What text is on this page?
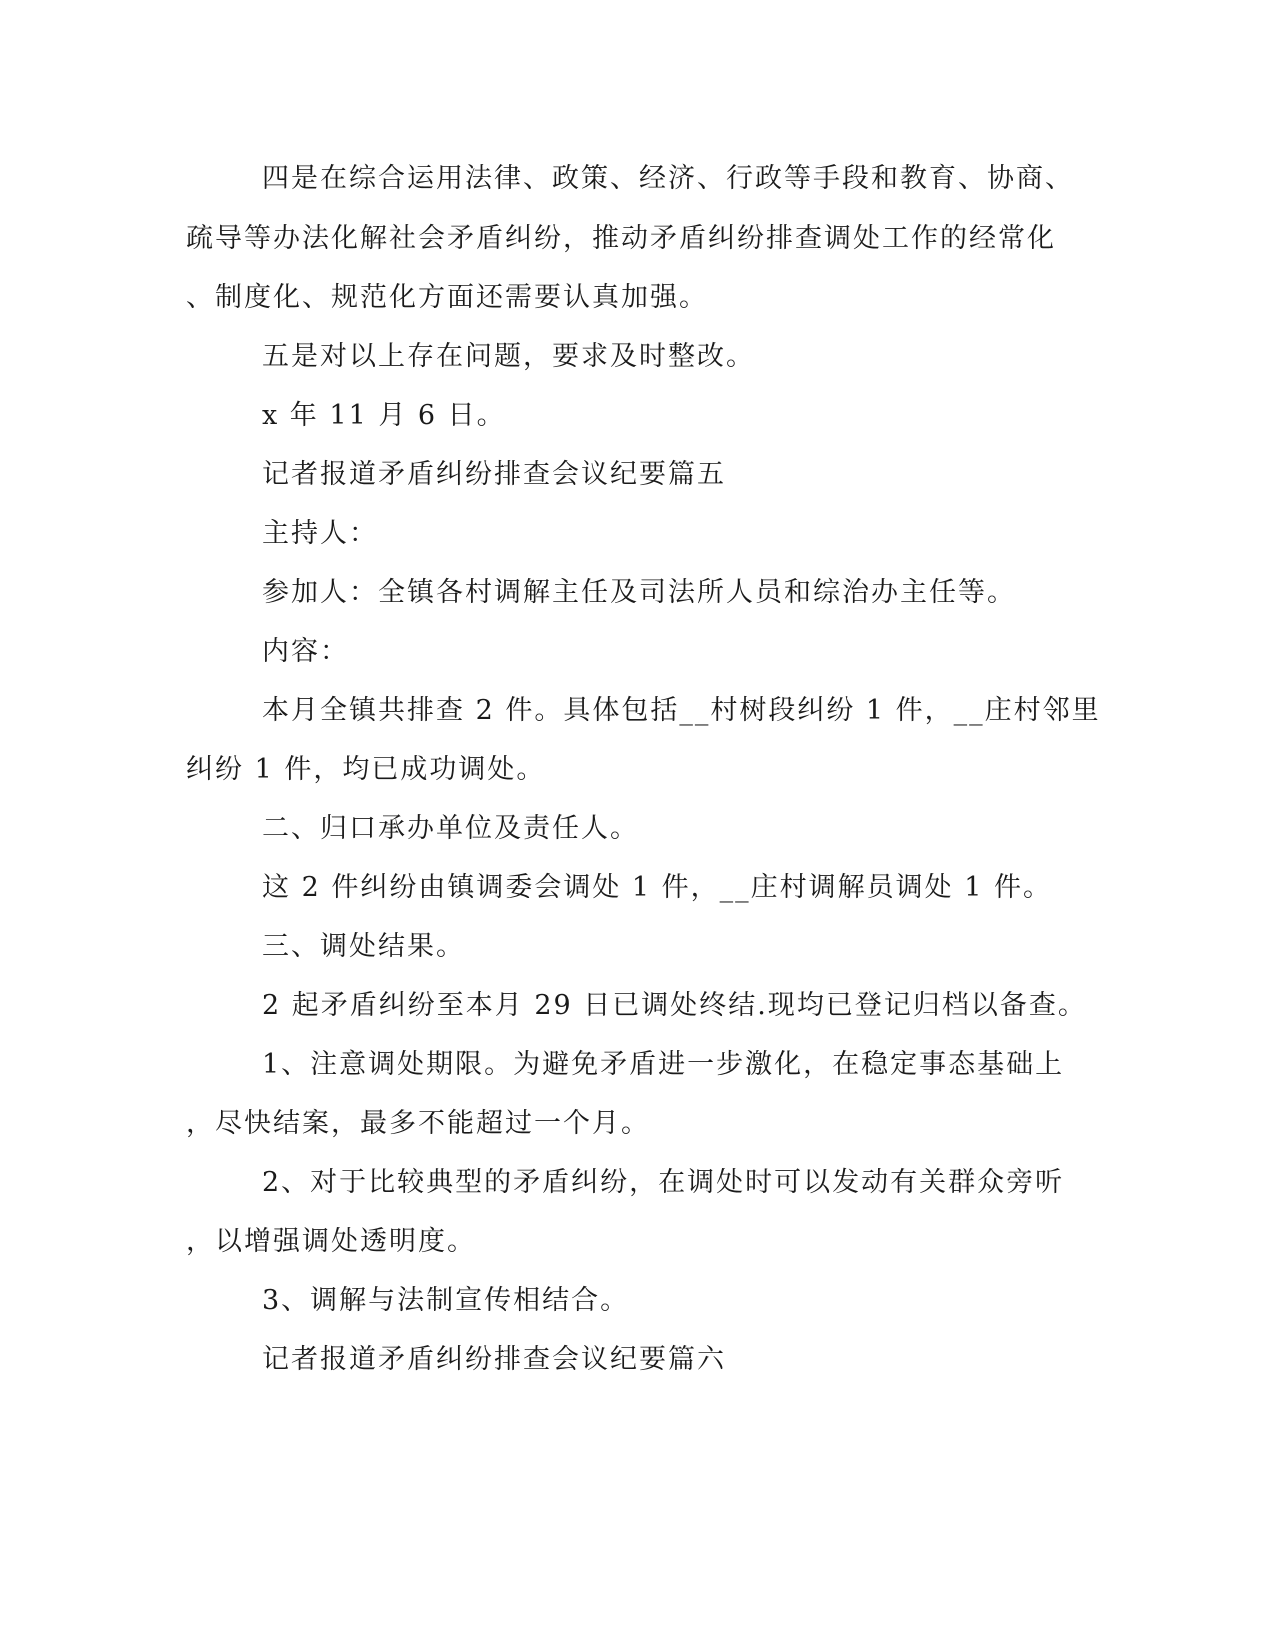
四是在综合运用法律、政策、经济、行政等手段和教育、协商、

疏导等办法化解社会矛盾纠纷，推动矛盾纠纷排查调处工作的经常化

、制度化、规范化方面还需要认真加强。

五是对以上存在问题，要求及时整改。

x 年 11 月 6 日。

记者报道矛盾纠纷排查会议纪要篇五

主持人：

参加人：全镇各村调解主任及司法所人员和综治办主任等。

内容：

本月全镇共排查 2 件。具体包括__村树段纠纷 1 件，__庄村邻里

纠纷 1 件，均已成功调处。

二、归口承办单位及责任人。

这 2 件纠纷由镇调委会调处 1 件，__庄村调解员调处 1 件。

三、调处结果。

2 起矛盾纠纷至本月 29 日已调处终结.现均已登记归档以备查。

1、注意调处期限。为避免矛盾进一步激化，在稳定事态基础上

，尽快结案，最多不能超过一个月。

2、对于比较典型的矛盾纠纷，在调处时可以发动有关群众旁听

，以增强调处透明度。

3、调解与法制宣传相结合。

记者报道矛盾纠纷排查会议纪要篇六
